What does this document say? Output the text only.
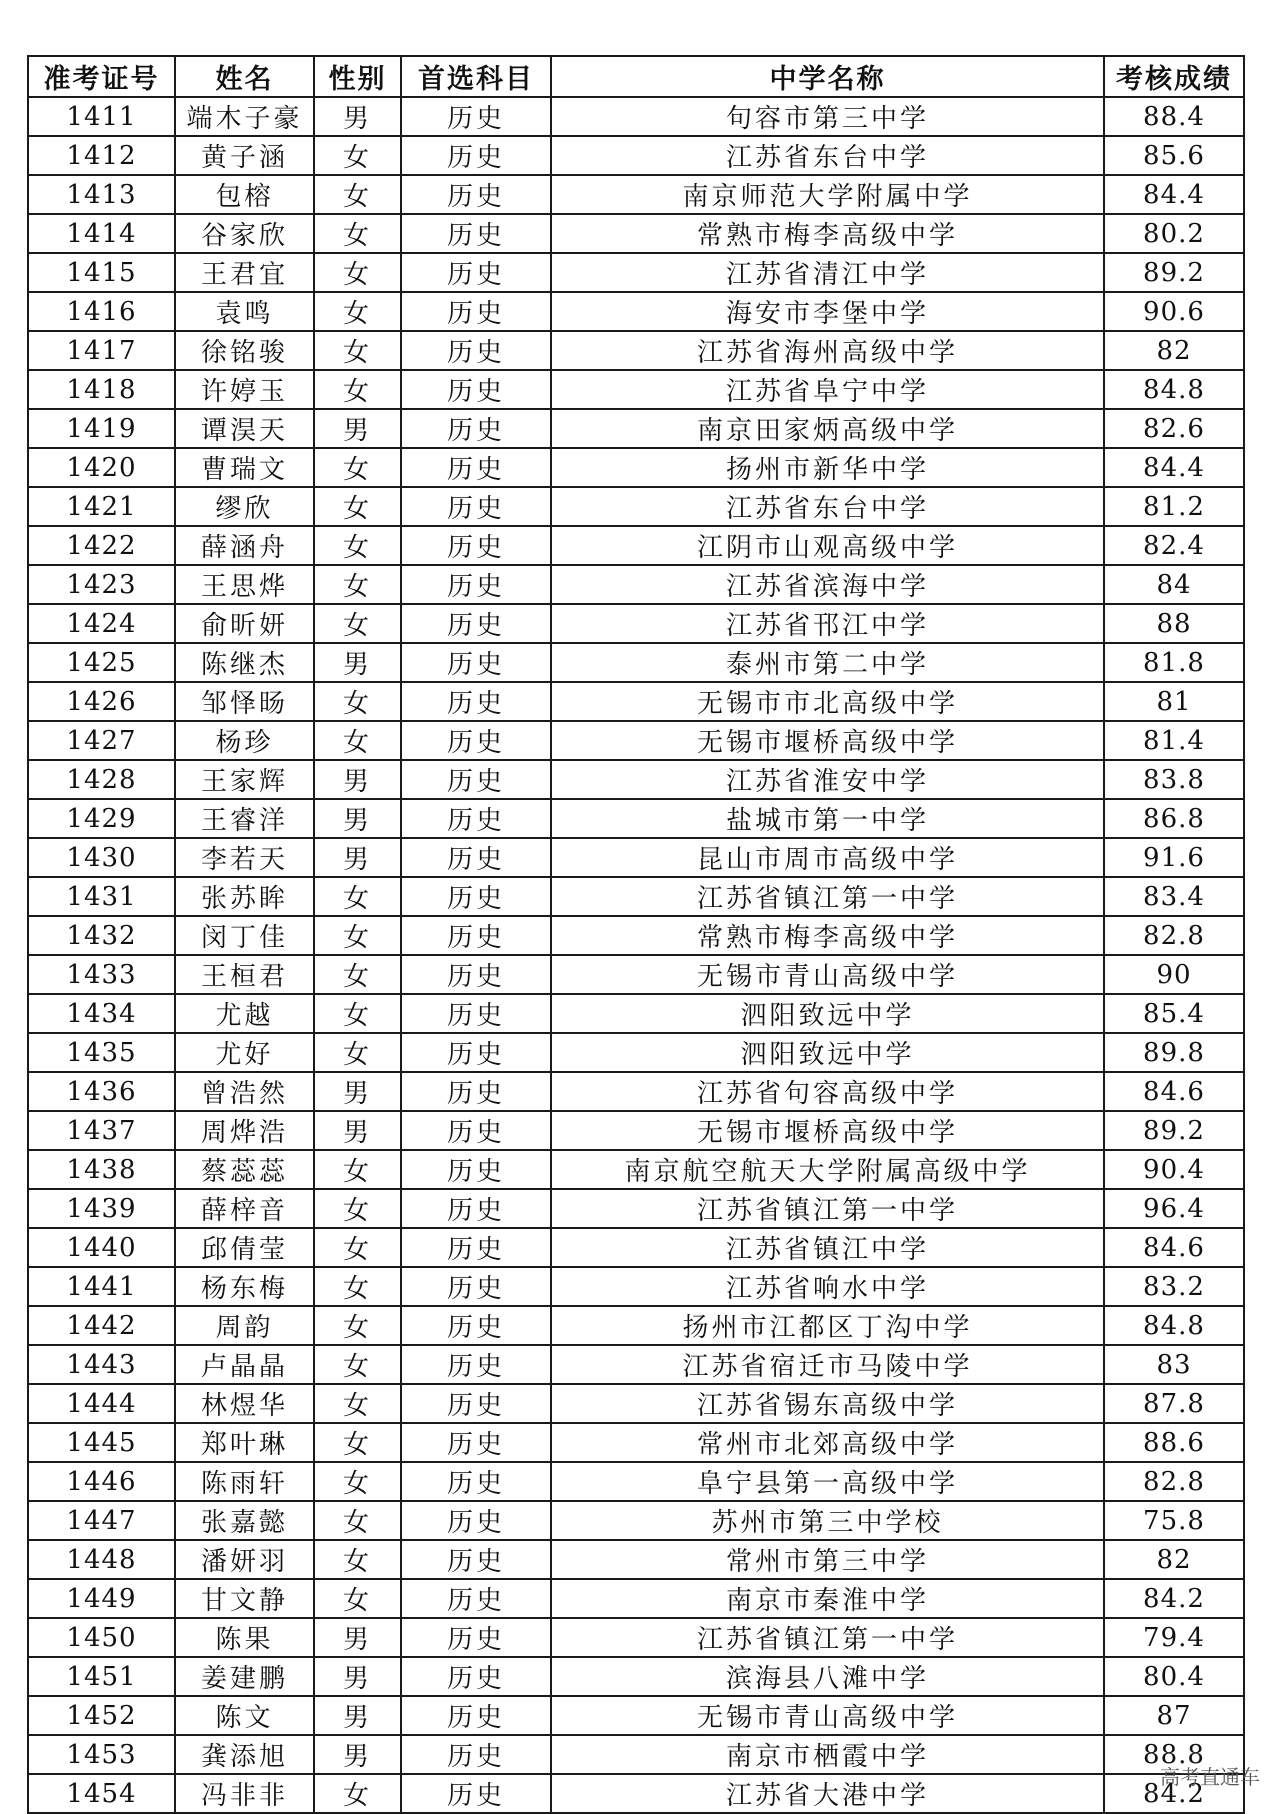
准考证号	姓名	性别	首选科目	中学名称	考核成绩
1411	端木子豪	男	历史	句容市第三中学	88.4
1412	黄子涵	女	历史	江苏省东台中学	85.6
1413	包榕	女	历史	南京师范大学附属中学	84.4
1414	谷家欣	女	历史	常熟市梅李高级中学	80.2
1415	王君宜	女	历史	江苏省清江中学	89.2
1416	袁鸣	女	历史	海安市李堡中学	90.6
1417	徐铭骏	女	历史	江苏省海州高级中学	82
1418	许婷玉	女	历史	江苏省阜宁中学	84.8
1419	谭淏天	男	历史	南京田家炳高级中学	82.6
1420	曹瑞文	女	历史	扬州市新华中学	84.4
1421	缪欣	女	历史	江苏省东台中学	81.2
1422	薛涵舟	女	历史	江阴市山观高级中学	82.4
1423	王思烨	女	历史	江苏省滨海中学	84
1424	俞昕妍	女	历史	江苏省邗江中学	88
1425	陈继杰	男	历史	泰州市第二中学	81.8
1426	邹怿旸	女	历史	无锡市市北高级中学	81
1427	杨珍	女	历史	无锡市堰桥高级中学	81.4
1428	王家辉	男	历史	江苏省淮安中学	83.8
1429	王睿洋	男	历史	盐城市第一中学	86.8
1430	李若天	男	历史	昆山市周市高级中学	91.6
1431	张苏眸	女	历史	江苏省镇江第一中学	83.4
1432	闵丁佳	女	历史	常熟市梅李高级中学	82.8
1433	王桓君	女	历史	无锡市青山高级中学	90
1434	尤越	女	历史	泗阳致远中学	85.4
1435	尤好	女	历史	泗阳致远中学	89.8
1436	曾浩然	男	历史	江苏省句容高级中学	84.6
1437	周烨浩	男	历史	无锡市堰桥高级中学	89.2
1438	蔡蕊蕊	女	历史	南京航空航天大学附属高级中学	90.4
1439	薛梓音	女	历史	江苏省镇江第一中学	96.4
1440	邱倩莹	女	历史	江苏省镇江中学	84.6
1441	杨东梅	女	历史	江苏省响水中学	83.2
1442	周韵	女	历史	扬州市江都区丁沟中学	84.8
1443	卢晶晶	女	历史	江苏省宿迁市马陵中学	83
1444	林煜华	女	历史	江苏省锡东高级中学	87.8
1445	郑叶琳	女	历史	常州市北郊高级中学	88.6
1446	陈雨轩	女	历史	阜宁县第一高级中学	82.8
1447	张嘉懿	女	历史	苏州市第三中学校	75.8
1448	潘妍羽	女	历史	常州市第三中学	82
1449	甘文静	女	历史	南京市秦淮中学	84.2
1450	陈果	男	历史	江苏省镇江第一中学	79.4
1451	姜建鹏	男	历史	滨海县八滩中学	80.4
1452	陈文	男	历史	无锡市青山高级中学	87
1453	龚添旭	男	历史	南京市栖霞中学	88.8
1454	冯非非	女	历史	江苏省大港中学	84.2
高考直通车
